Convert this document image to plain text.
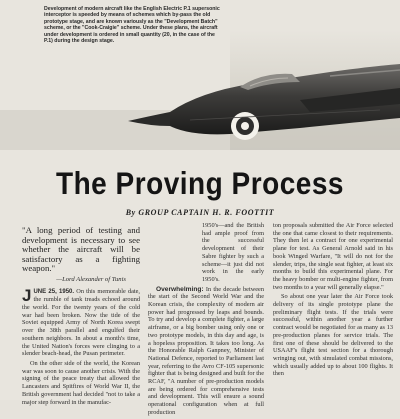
Development of modern aircraft like the English Electric P.1 supersonic interceptor is speeded by means of schemes which by-pass the old prototype stage, and are known variously as the "Development Batch" scheme, or the "Cook-Craigie" scheme. Under these plans, the aircraft under development is ordered in small quantity (20, in the case of the P.1) during the design stage.
The Proving Process
By GROUP CAPTAIN H. R. FOOTTIT
"A long period of testing and development is necessary to see whether the aircraft will be satisfactory as a fighting weapon."
—Lord Alexander of Tunis

JUNE 25, 1950. On this memorable date, the rumble of tank treads echoed around the world. For the twenty years of the cold war had been broken. Now the tide of the Soviet equipped Army of North Korea swept over the 38th parallel and engulfed their southern neighbors. In about a month's time, the United Nation's forces were clinging to a slender beach-head, the Pusan perimeter.

On the other side of the world, the Korean war was soon to cause another crisis. With the signing of the peace treaty that allowed the Lancasters and Spitfires of World War II, the British government had decided "not to take a major step forward in the manufac-

1950's—and the British had ample proof from the successful development of their Sabre fighter by such a scheme—it just did not work in the early 1950's.

Overwhelming: In the decade between the start of the Second World War and the Korean crisis, the complexity of modern air power had progressed by leaps and bounds. To try and develop a complete fighter, a large airframe, or a big bomber using only one or two prototype models, in this day and age, is a hopeless proposition. It takes too long. As the Honorable Ralph Ganpney, Minister of National Defence, reported to Parliament last year, referring to the Avro CF-105 supersonic fighter that is being designed and built for the RCAF, "A number of pre-production models are being ordered for comprehensive tests and development. This will ensure a sound operational configuration when at full production

ton proposals submitted the Air Force selected the one that came closest to their requirements. They then let a contract for one experimental plane for test. As General Arnold said in his book Winged Warfare, "It will do not for the slender, trips, the single seat fighter, at least six months to build this experimental plane. For the heavy bomber or multi-engine fighter, from two months to a year will generally elapse."

So about one year later the Air Force took delivery of its single prototype plane the preliminary flight tests. If the trials were successful, within another year a further contract would be negotiated for as many as 13 pre-production planes for service trials. The first one of these should be delivered to the USAAF's flight test section for a thorough wringing out, with simulated combat missions, which usually added up to about 100 flights. It then
